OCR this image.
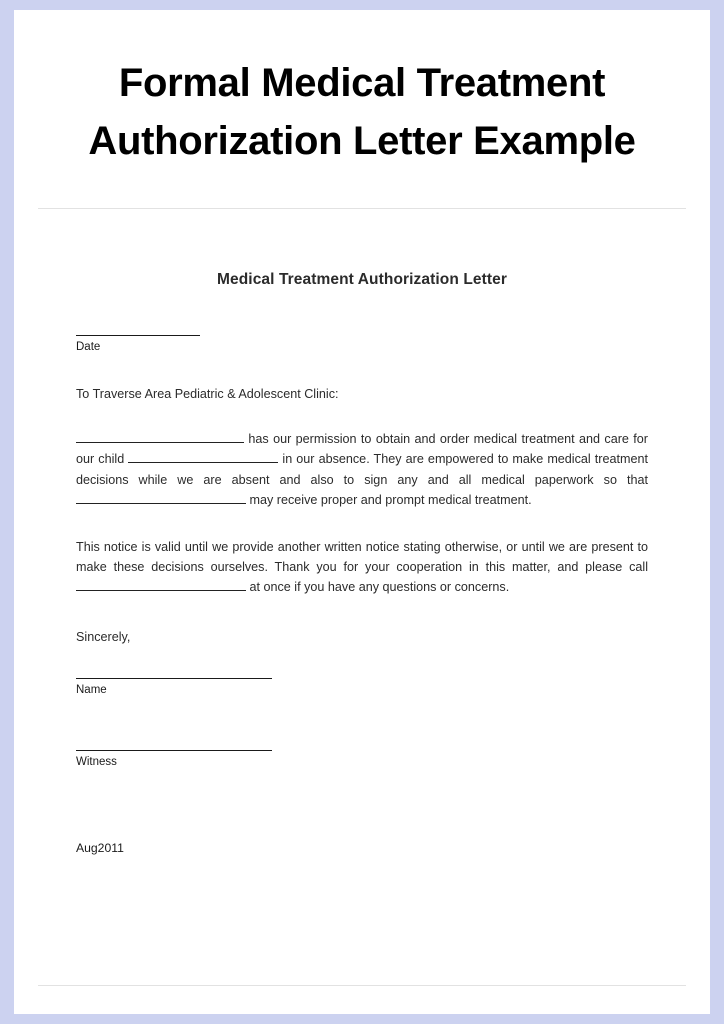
Formal Medical Treatment Authorization Letter Example
Medical Treatment Authorization Letter
Date
To Traverse Area Pediatric & Adolescent Clinic:
has our permission to obtain and order medical treatment and care for our child	in our absence. They are empowered to make medical treatment decisions while we are absent and also to sign any and all medical paperwork so that  may receive proper and prompt medical treatment.
This notice is valid until we provide another written notice stating otherwise, or until we are present to make these decisions ourselves. Thank you for your cooperation in this matter, and please call  at once if you have any questions or concerns.
Sincerely,
Name
Witness
Aug2011
